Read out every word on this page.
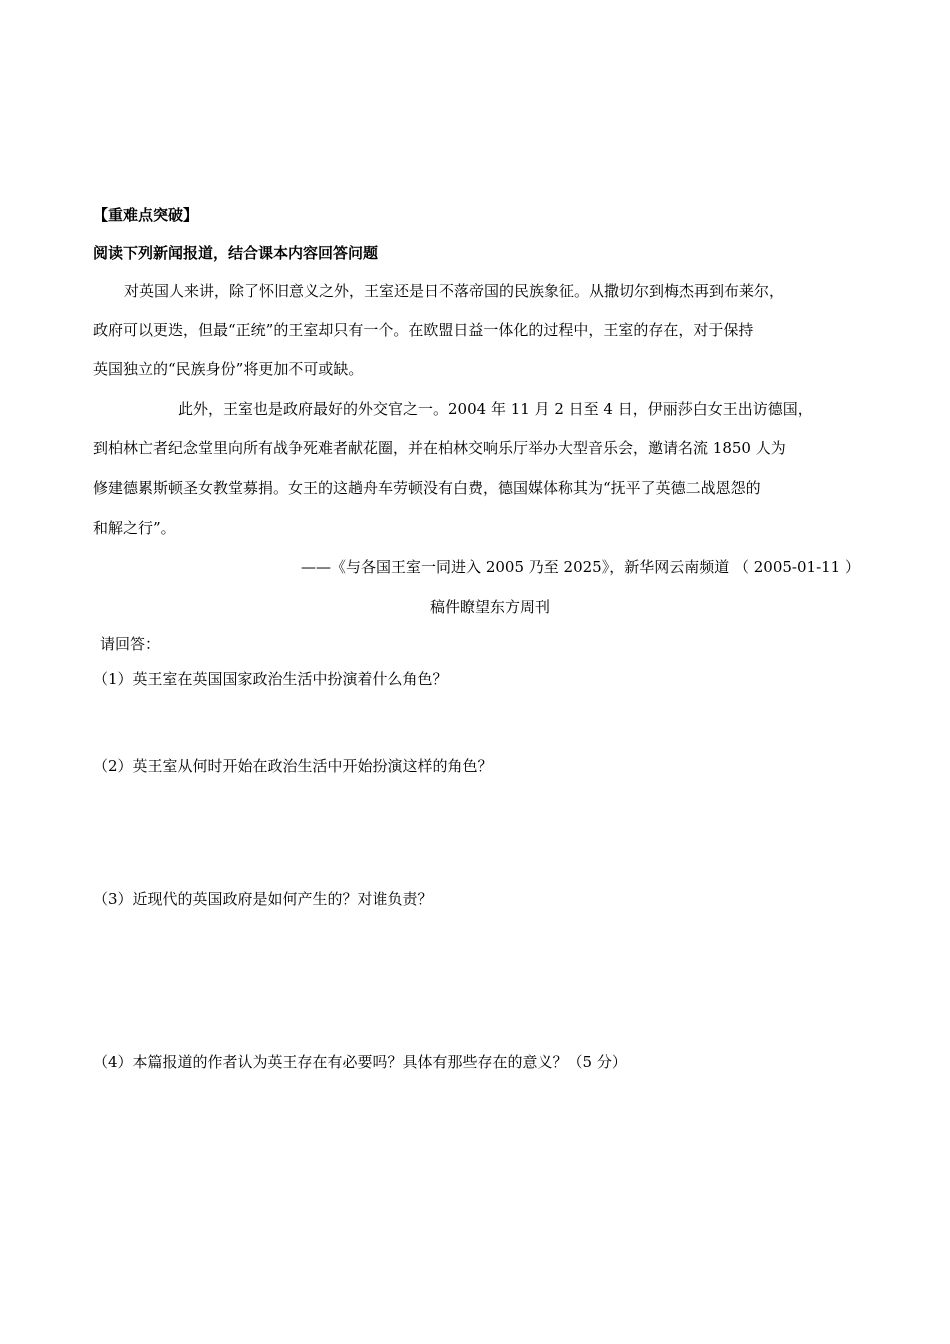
【重难点突破】
阅读下列新闻报道，结合课本内容回答问题
对英国人来讲，除了怀旧意义之外，王室还是日不落帝国的民族象征。从撒切尔到梅杰再到布莱尔，
政府可以更迭，但最“正统”的王室却只有一个。在欧盟日益一体化的过程中，王室的存在，对于保持
英国独立的“民族身份”将更加不可或缺。
此外，王室也是政府最好的外交官之一。2004 年 11 月 2 日至 4 日，伊丽莎白女王出访德国，
到柏林亡者纪念堂里向所有战争死难者献花圈，并在柏林交响乐厅举办大型音乐会，邀请名流 1850 人为
修建德累斯顿圣女教堂募捐。女王的这趟舟车劳顿没有白费，德国媒体称其为“抚平了英德二战恩怨的
和解之行”。
——《与各国王室一同进入 2005 乃至 2025》，新华网云南频道 （ 2005-01-11 ）
稿件瞭望东方周刊
请回答：
（1）英王室在英国国家政治生活中扮演着什么角色？
（2）英王室从何时开始在政治生活中开始扮演这样的角色？
（3）近现代的英国政府是如何产生的？对谁负责？
（4）本篇报道的作者认为英王存在有必要吗？具体有那些存在的意义？（5 分）
